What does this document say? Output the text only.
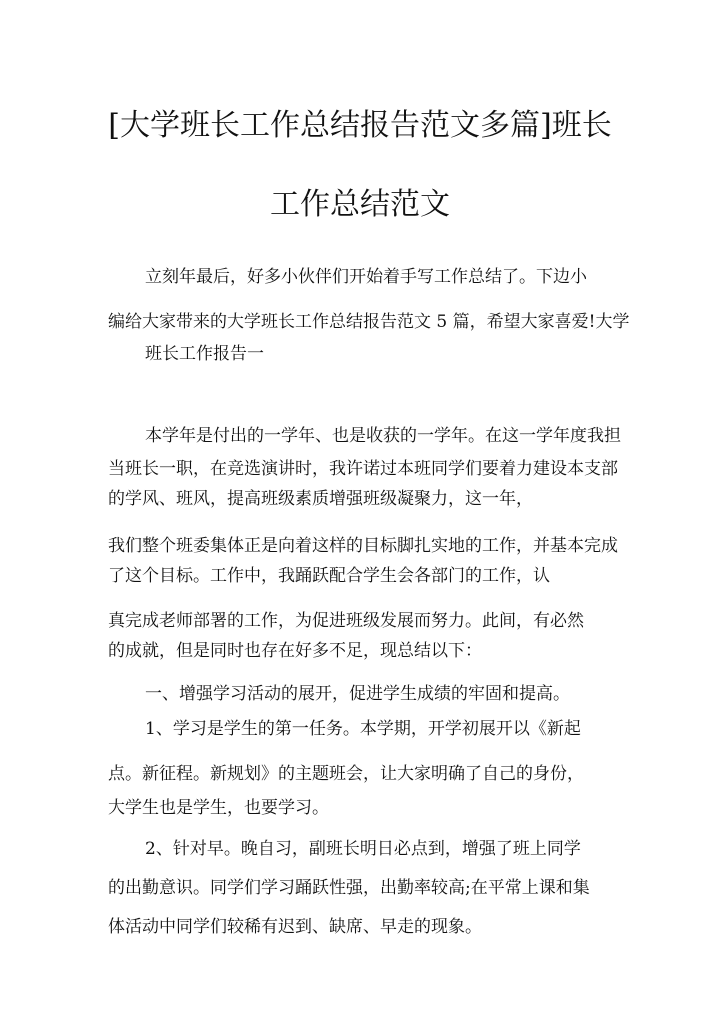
[大学班长工作总结报告范文多篇]班长
工作总结范文

立刻年最后，好多小伙伴们开始着手写工作总结了。下边小

编给大家带来的大学班长工作总结报告范文 5 篇，希望大家喜爱!大学

班长工作报告一

本学年是付出的一学年、也是收获的一学年。在这一学年度我担

当班长一职，在竞选演讲时，我许诺过本班同学们要着力建设本支部

的学风、班风，提高班级素质增强班级凝聚力，这一年，

我们整个班委集体正是向着这样的目标脚扎实地的工作，并基本完成

了这个目标。工作中，我踊跃配合学生会各部门的工作，认

真完成老师部署的工作，为促进班级发展而努力。此间，有必然

的成就，但是同时也存在好多不足，现总结以下：

一、增强学习活动的展开，促进学生成绩的牢固和提高。

1、学习是学生的第一任务。本学期，开学初展开以《新起

点。新征程。新规划》的主题班会，让大家明确了自己的身份，

大学生也是学生，也要学习。

2、针对早。晚自习，副班长明日必点到，增强了班上同学

的出勤意识。同学们学习踊跃性强，出勤率较高;在平常上课和集

体活动中同学们较稀有迟到、缺席、早走的现象。
